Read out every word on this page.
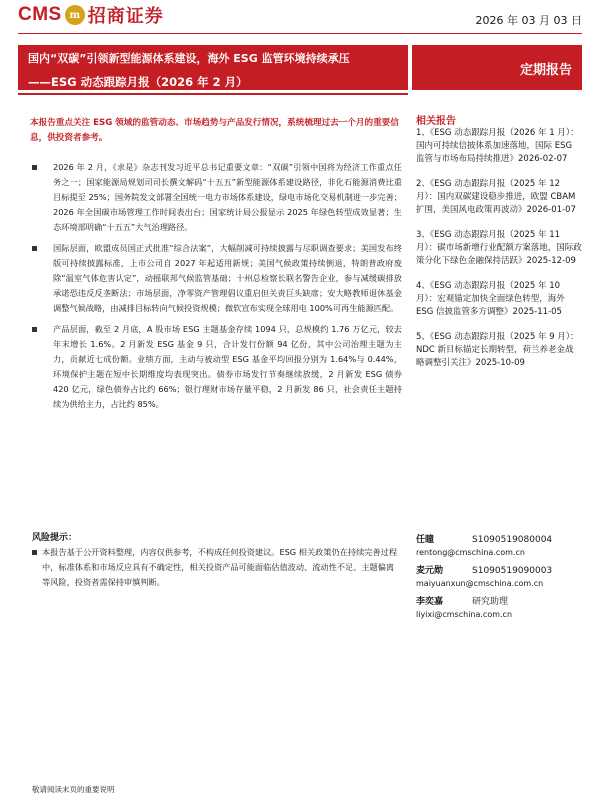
CMS m 招商证券	2026 年 03 月 03 日
国内“双碳”引领新型能源体系建设，海外 ESG 监管环境持续承压
——ESG 动态跟踪月报（2026 年 2 月）
定期报告
本报告重点关注 ESG 领域的监管动态、市场趋势与产品发行情况，系统梳理过去一个月的重要信息，供投资者参考。
2026 年 2 月，《求是》杂志刊发习近平总书记重要文章：“双碳”引领中国将为经济工作重点任务之一；国家能源局规划司司长撰文解码“十五五”新型能源体系建设路径，非化石能源消费比重目标提至 25%；国务院发文部署全国统一电力市场体系建设，绿电市场化交易机制进一步完善； 2026 年全国碳市场管理工作时间表出台；国家统计局公报显示 2025 年绿色转型成效显著；生态环境部明确“十五五”大气治理路径。
国际层面，欧盟成员国正式批准“综合法案”，大幅削减可持续披露与尽职调查要求；美国发布终版可持续披露标准，上市公司自 2027 年起适用新规；美国气候政策持续倒退，特朗普政府废除“温室气体危害认定”，动摇联邦气候监管基础；十州总检察长联名警告企业，参与减缓碳排放承诺恐违反反垄断法；市场层面，净零资产管理倡议重启但关责巨头缺席；安大略教师退休基金调整气候战略，由减排目标转向气候投资规模；微软宣布实现全球用电 100%可再生能源匹配。
产品层面，截至 2 月底，A 股市场 ESG 主题基金存续 1094 只，总规模约 1.76 万亿元，较去年末增长 1.6%。2 月新发 ESG 基金 9 只，合计发行份额 94 亿份，其中公司治理主题为主力，贡献近七成份额。业绩方面，主动与被动型 ESG 基金平均回报分别为 1.64%与 0.44%，环境保护主题在短中长期维度均表现突出。债券市场发行节奏继续放缓，2 月新发 ESG 债券 420 亿元，绿色债券占比约 66%；银行理财市场存量平稳，2 月新发 86 只，社会责任主题持续为供给主力，占比约 85%。
风险提示：
本报告基于公开资料整理，内容仅供参考，不构成任何投资建议。ESG 相关政策仍在持续完善过程中，标准体系和市场反应具有不确定性，相关投资产品可能面临估值波动、流动性不足、主题偏离等风险，投资者需保持审慎判断。
相关报告
1、《ESG 动态跟踪月报（2026 年 1 月）：国内可持续信披体系加速落地，国际 ESG 监管与市场布局持续推进》2026-02-07
2、《ESG 动态跟踪月报（2025 年 12 月）：国内双碳建设稳步推进，欧盟 CBAM 扩围，美国风电政策再波动》2026-01-07
3、《ESG 动态跟踪月报（2025 年 11 月）：碳市场新增行业配额方案落地，国际政策分化下绿色金融保持活跃》2025-12-09
4、《ESG 动态跟踪月报（2025 年 10 月）：宏观锚定加快全面绿色转型，海外 ESG 信披监管多方调整》2025-11-05
5、《ESG 动态跟踪月报（2025 年 9 月）：NDC 新目标锚定长期转型，荷兰养老金战略调整引关注》2025-10-09
任瞳	S1090519080004
rentong@cmschina.com.cn
麦元勋	S1090519090003
maiyuanxun@cmschina.com.cn
李奕嘉	研究助理
liyixi@cmschina.com.cn
敬请阅读末页的重要说明
